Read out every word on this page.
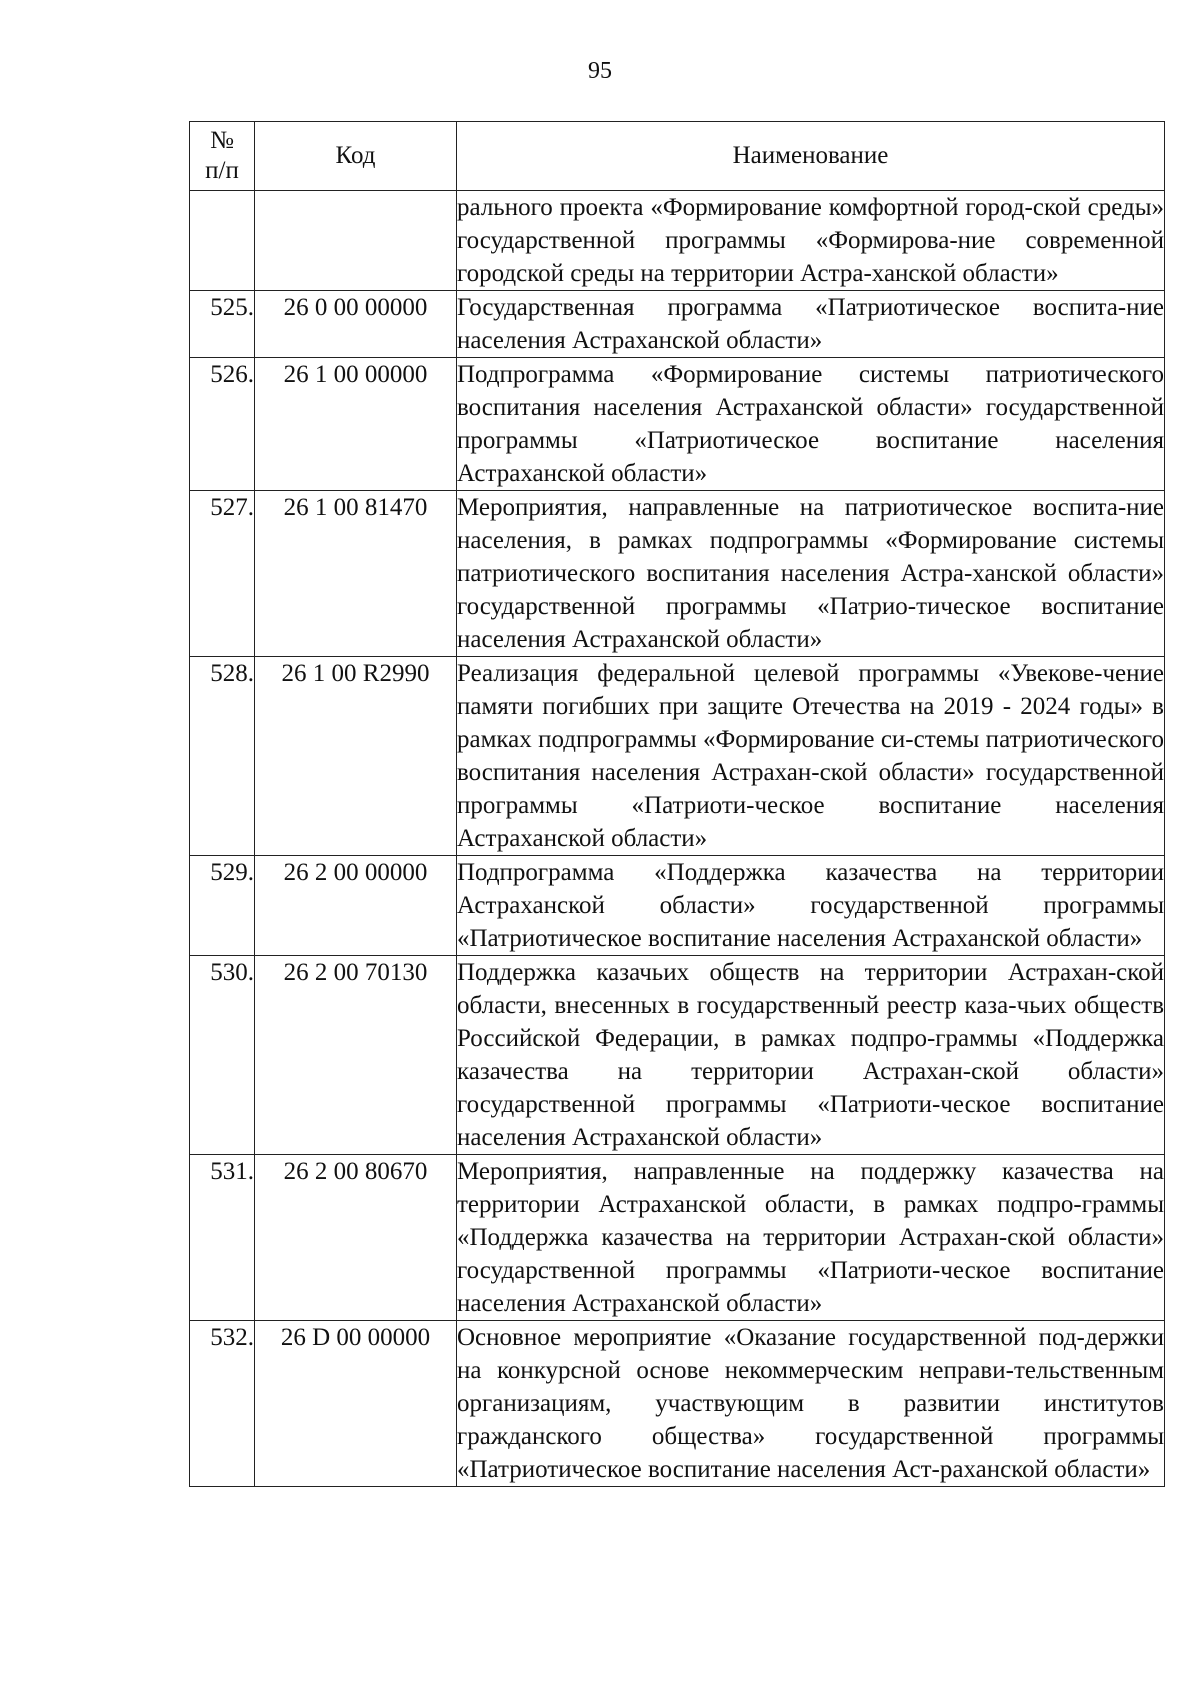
95
№
п/п	Код	Наименование
		рального проекта «Формирование комфортной город-ской среды» государственной программы «Формирова-ние современной городской среды на территории Астра-ханской области»
525.	26 0 00 00000	Государственная программа «Патриотическое воспита-ние населения Астраханской области»
526.	26 1 00 00000	Подпрограмма «Формирование системы патриотического воспитания населения Астраханской области» государственной программы «Патриотическое воспитание населения Астраханской области»
527.	26 1 00 81470	Мероприятия, направленные на патриотическое воспита-ние населения, в рамках подпрограммы «Формирование системы патриотического воспитания населения Астра-ханской области» государственной программы «Патрио-тическое воспитание населения Астраханской области»
528.	26 1 00 R2990	Реализация федеральной целевой программы «Увекове-чение памяти погибших при защите Отечества на 2019 - 2024 годы» в рамках подпрограммы «Формирование си-стемы патриотического воспитания населения Астрахан-ской области» государственной программы «Патриоти-ческое воспитание населения Астраханской области»
529.	26 2 00 00000	Подпрограмма «Поддержка казачества на территории Астраханской области» государственной программы «Патриотическое воспитание населения Астраханской области»
530.	26 2 00 70130	Поддержка казачьих обществ на территории Астрахан-ской области, внесенных в государственный реестр каза-чьих обществ Российской Федерации, в рамках подпро-граммы «Поддержка казачества на территории Астрахан-ской области» государственной программы «Патриоти-ческое воспитание населения Астраханской области»
531.	26 2 00 80670	Мероприятия, направленные на поддержку казачества на территории Астраханской области, в рамках подпро-граммы «Поддержка казачества на территории Астрахан-ской области» государственной программы «Патриоти-ческое воспитание населения Астраханской области»
532.	26 D 00 00000	Основное мероприятие «Оказание государственной под-держки на конкурсной основе некоммерческим неправи-тельственным организациям, участвующим в развитии институтов гражданского общества» государственной программы «Патриотическое воспитание населения Аст-раханской области»
